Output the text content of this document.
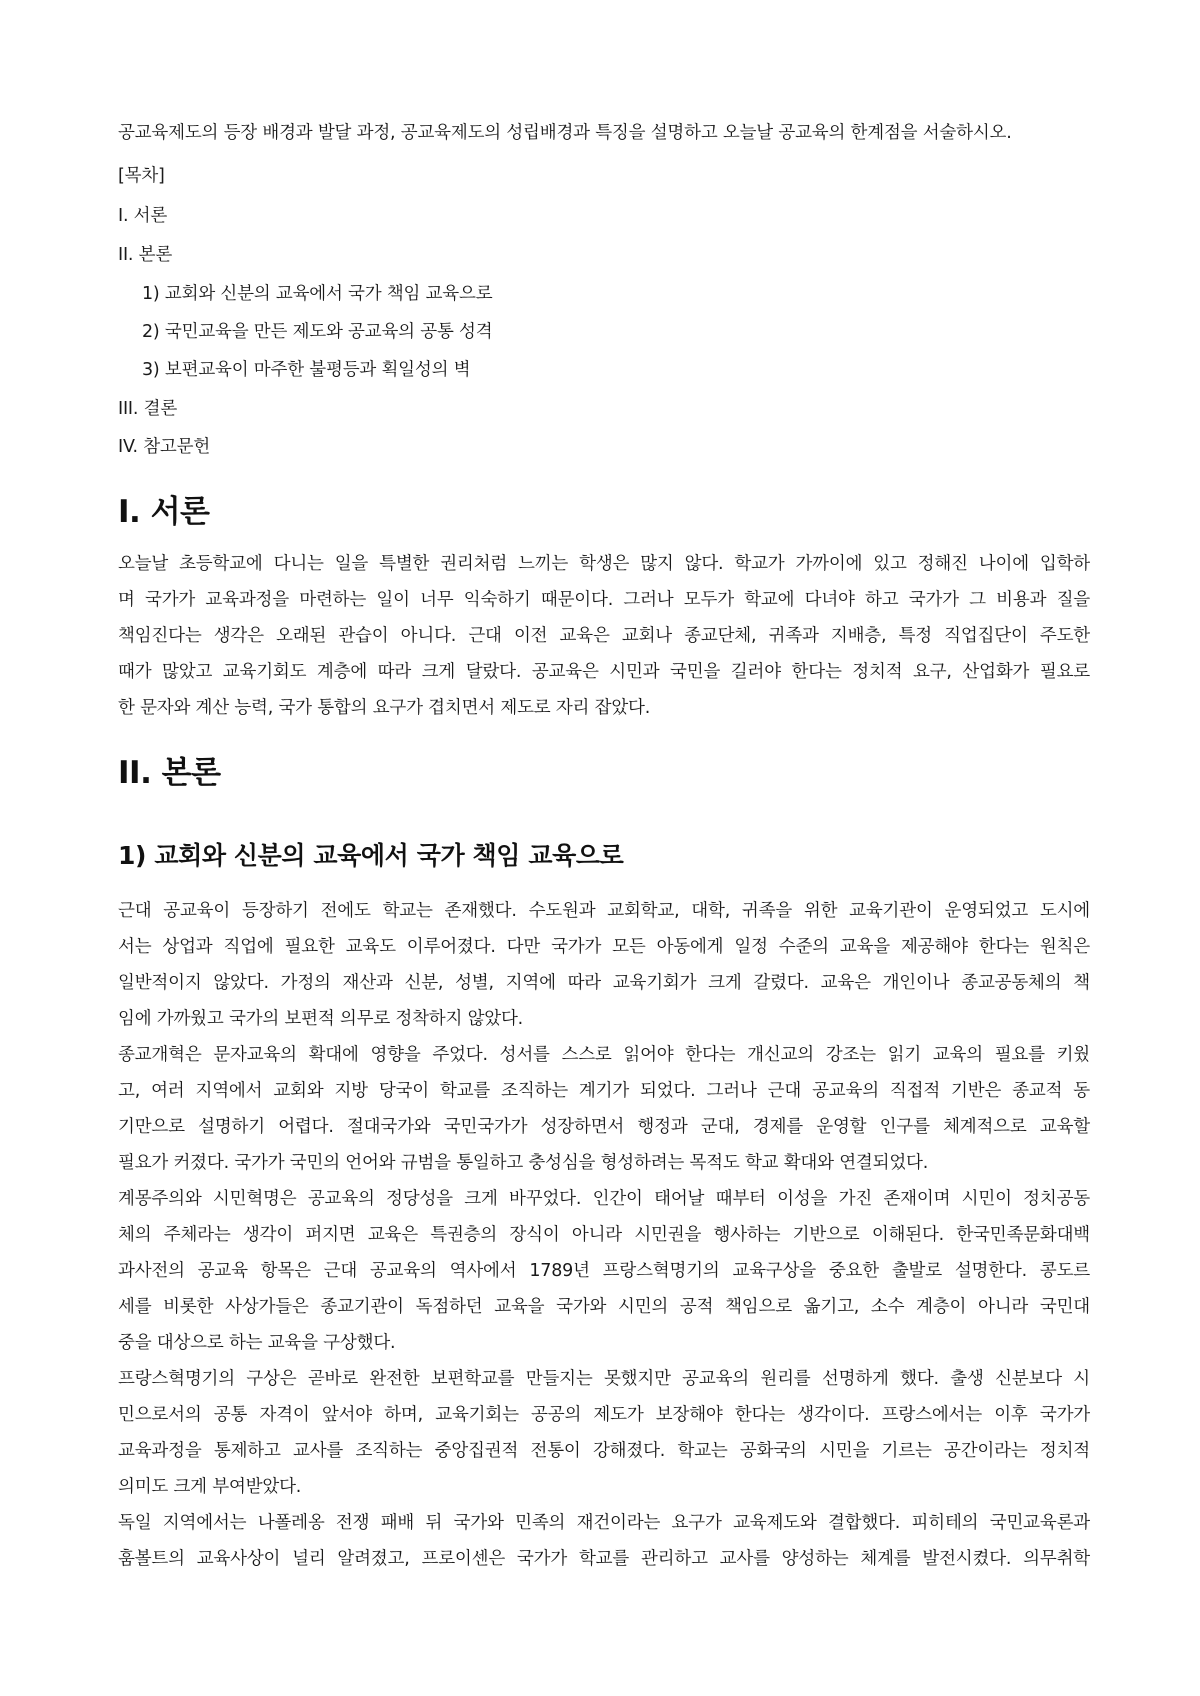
공교육제도의 등장 배경과 발달 과정, 공교육제도의 성립배경과 특징을 설명하고 오늘날 공교육의 한계점을 서술하시오.
[목차]
I. 서론
II. 본론
1) 교회와 신분의 교육에서 국가 책임 교육으로
2) 국민교육을 만든 제도와 공교육의 공통 성격
3) 보편교육이 마주한 불평등과 획일성의 벽
III. 결론
IV. 참고문헌
I. 서론
오늘날 초등학교에 다니는 일을 특별한 권리처럼 느끼는 학생은 많지 않다. 학교가 가까이에 있고 정해진 나이에 입학하
며 국가가 교육과정을 마련하는 일이 너무 익숙하기 때문이다. 그러나 모두가 학교에 다녀야 하고 국가가 그 비용과 질을
책임진다는 생각은 오래된 관습이 아니다. 근대 이전 교육은 교회나 종교단체, 귀족과 지배층, 특정 직업집단이 주도한
때가 많았고 교육기회도 계층에 따라 크게 달랐다. 공교육은 시민과 국민을 길러야 한다는 정치적 요구, 산업화가 필요로
한 문자와 계산 능력, 국가 통합의 요구가 겹치면서 제도로 자리 잡았다.
II. 본론
1) 교회와 신분의 교육에서 국가 책임 교육으로
근대 공교육이 등장하기 전에도 학교는 존재했다. 수도원과 교회학교, 대학, 귀족을 위한 교육기관이 운영되었고 도시에
서는 상업과 직업에 필요한 교육도 이루어졌다. 다만 국가가 모든 아동에게 일정 수준의 교육을 제공해야 한다는 원칙은
일반적이지 않았다. 가정의 재산과 신분, 성별, 지역에 따라 교육기회가 크게 갈렸다. 교육은 개인이나 종교공동체의 책
임에 가까웠고 국가의 보편적 의무로 정착하지 않았다.
종교개혁은 문자교육의 확대에 영향을 주었다. 성서를 스스로 읽어야 한다는 개신교의 강조는 읽기 교육의 필요를 키웠
고, 여러 지역에서 교회와 지방 당국이 학교를 조직하는 계기가 되었다. 그러나 근대 공교육의 직접적 기반은 종교적 동
기만으로 설명하기 어렵다. 절대국가와 국민국가가 성장하면서 행정과 군대, 경제를 운영할 인구를 체계적으로 교육할
필요가 커졌다. 국가가 국민의 언어와 규범을 통일하고 충성심을 형성하려는 목적도 학교 확대와 연결되었다.
계몽주의와 시민혁명은 공교육의 정당성을 크게 바꾸었다. 인간이 태어날 때부터 이성을 가진 존재이며 시민이 정치공동
체의 주체라는 생각이 퍼지면 교육은 특권층의 장식이 아니라 시민권을 행사하는 기반으로 이해된다. 한국민족문화대백
과사전의 공교육 항목은 근대 공교육의 역사에서 1789년 프랑스혁명기의 교육구상을 중요한 출발로 설명한다. 콩도르
세를 비롯한 사상가들은 종교기관이 독점하던 교육을 국가와 시민의 공적 책임으로 옮기고, 소수 계층이 아니라 국민대
중을 대상으로 하는 교육을 구상했다.
프랑스혁명기의 구상은 곧바로 완전한 보편학교를 만들지는 못했지만 공교육의 원리를 선명하게 했다. 출생 신분보다 시
민으로서의 공통 자격이 앞서야 하며, 교육기회는 공공의 제도가 보장해야 한다는 생각이다. 프랑스에서는 이후 국가가
교육과정을 통제하고 교사를 조직하는 중앙집권적 전통이 강해졌다. 학교는 공화국의 시민을 기르는 공간이라는 정치적
의미도 크게 부여받았다.
독일 지역에서는 나폴레옹 전쟁 패배 뒤 국가와 민족의 재건이라는 요구가 교육제도와 결합했다. 피히테의 국민교육론과
훔볼트의 교육사상이 널리 알려졌고, 프로이센은 국가가 학교를 관리하고 교사를 양성하는 체계를 발전시켰다. 의무취학
